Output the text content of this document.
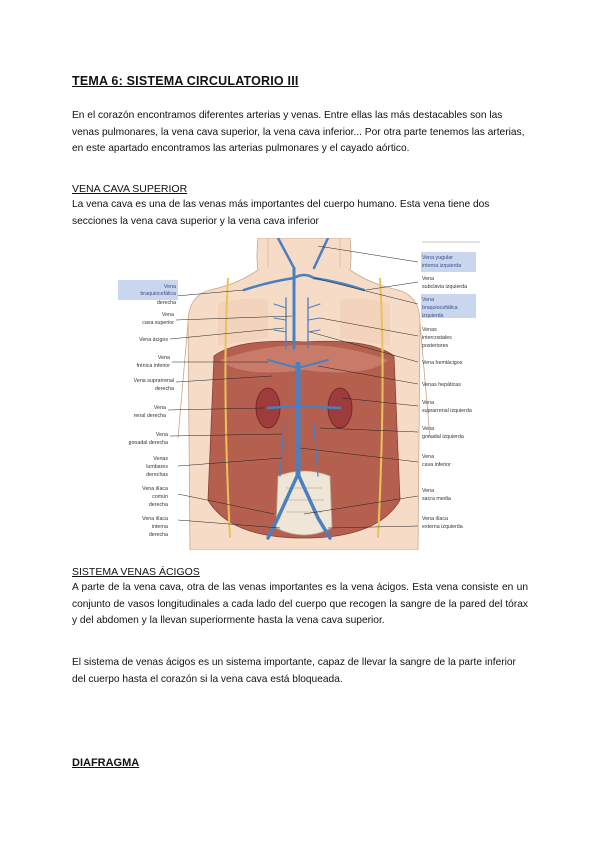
TEMA 6: SISTEMA CIRCULATORIO III
En el corazón encontramos diferentes arterias y venas. Entre ellas las más destacables son las venas pulmonares, la vena cava superior, la vena cava inferior... Por otra parte tenemos las arterias, en este apartado encontramos las arterias pulmonares y el cayado aórtico.
VENA CAVA SUPERIOR
La vena cava es una de las venas más importantes del cuerpo humano. Esta vena tiene dos secciones la vena cava superior y la vena cava inferior
Vena
braquiocefálica
derecha
Vena
cava superior
Vena ácigos
Vena
frénica inferior
Vena suprarrenal
derecha
Vena
renal derecha
Vena
gonadal derecha
Venas
lumbares
derechas
Vena ilíaca
común
derecha
Vena ilíaca
interna
derecha
Vena yugular
interna izquierda
Vena
subclavia izquierda
Vena
braquiocefálica
izquierda
Venas
intercostales
posteriores
Vena hemiácigos
Venas hepáticas
Vena
suprarrenal izquierda
Vena
gonadal izquierda
Vena
cava inferior
Vena
sacra media
Vena ilíaca
externa izquierda
SISTEMA VENAS ÁCIGOS
A parte de la vena cava, otra de las venas importantes es la vena ácigos. Esta vena consiste en un conjunto de vasos longitudinales a cada lado del cuerpo que recogen la sangre de la pared del tórax y del abdomen y la llevan superiormente hasta la vena cava superior.
El sistema de venas ácigos es un sistema importante, capaz de llevar la sangre de la parte inferior del cuerpo hasta el corazón si la vena cava está bloqueada.
DIAFRAGMA
